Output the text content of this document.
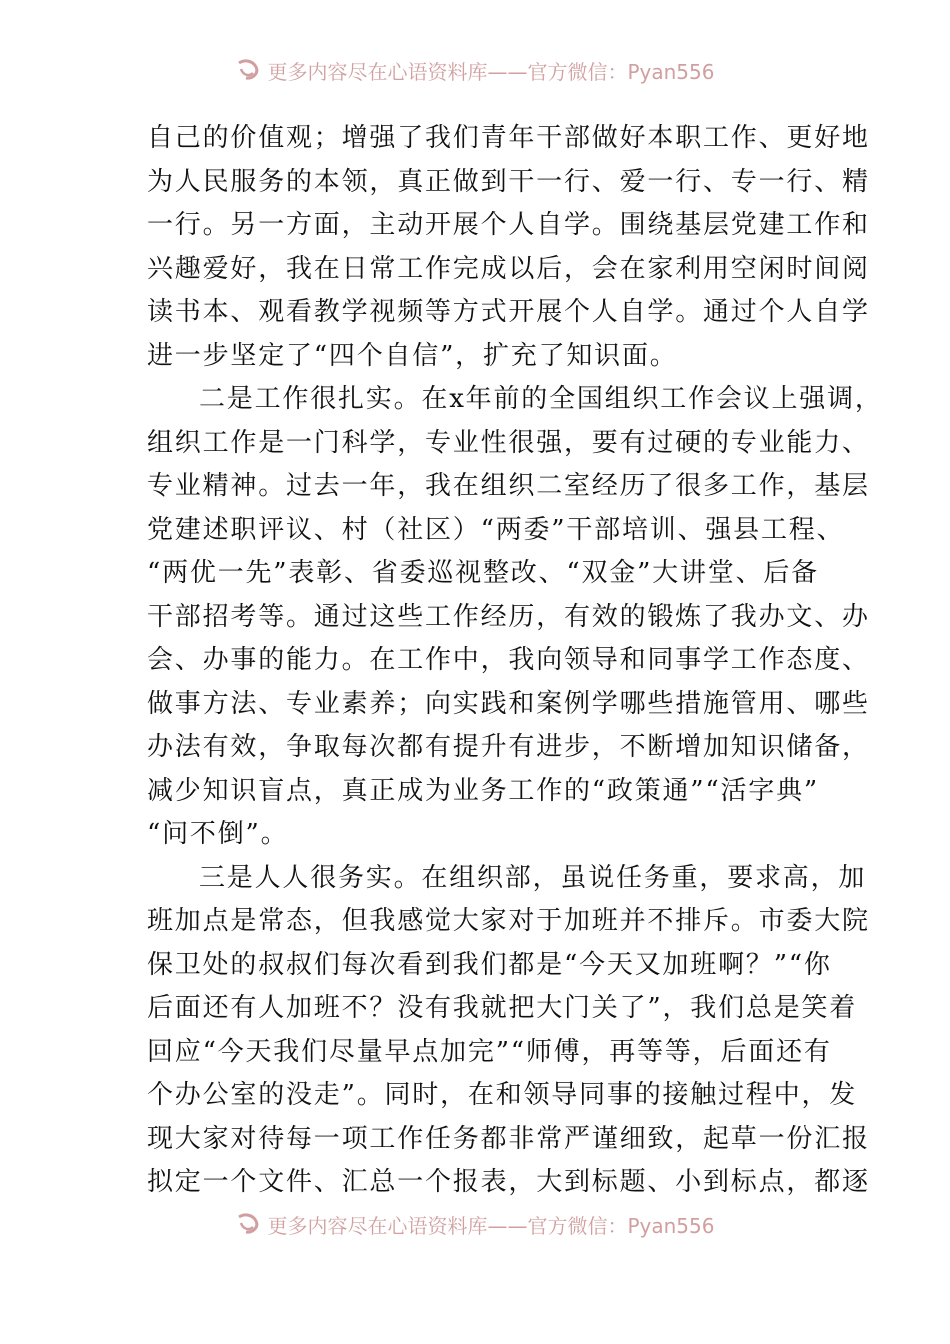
更多内容尽在心语资料库——官方微信：Pyan556
自己的价值观；增强了我们青年干部做好本职工作、更好地
为人民服务的本领，真正做到干一行、爱一行、专一行、精
一行。另一方面，主动开展个人自学。围绕基层党建工作和
兴趣爱好，我在日常工作完成以后，会在家利用空闲时间阅
读书本、观看教学视频等方式开展个人自学。通过个人自学
进一步坚定了“四个自信”，扩充了知识面。
二是工作很扎实。在x年前的全国组织工作会议上强调，
组织工作是一门科学，专业性很强，要有过硬的专业能力、
专业精神。过去一年，我在组织二室经历了很多工作，基层
党建述职评议、村（社区）“两委”干部培训、强县工程、
“两优一先”表彰、省委巡视整改、“双金”大讲堂、后备
干部招考等。通过这些工作经历，有效的锻炼了我办文、办
会、办事的能力。在工作中，我向领导和同事学工作态度、
做事方法、专业素养；向实践和案例学哪些措施管用、哪些
办法有效，争取每次都有提升有进步，不断增加知识储备，
减少知识盲点，真正成为业务工作的“政策通”“活字典”
“问不倒”。
三是人人很务实。在组织部，虽说任务重，要求高，加
班加点是常态，但我感觉大家对于加班并不排斥。市委大院
保卫处的叔叔们每次看到我们都是“今天又加班啊？”“你
后面还有人加班不？没有我就把大门关了”，我们总是笑着
回应“今天我们尽量早点加完”“师傅，再等等，后面还有
个办公室的没走”。同时，在和领导同事的接触过程中，发
现大家对待每一项工作任务都非常严谨细致，起草一份汇报
拟定一个文件、汇总一个报表，大到标题、小到标点，都逐
更多内容尽在心语资料库——官方微信：Pyan556
